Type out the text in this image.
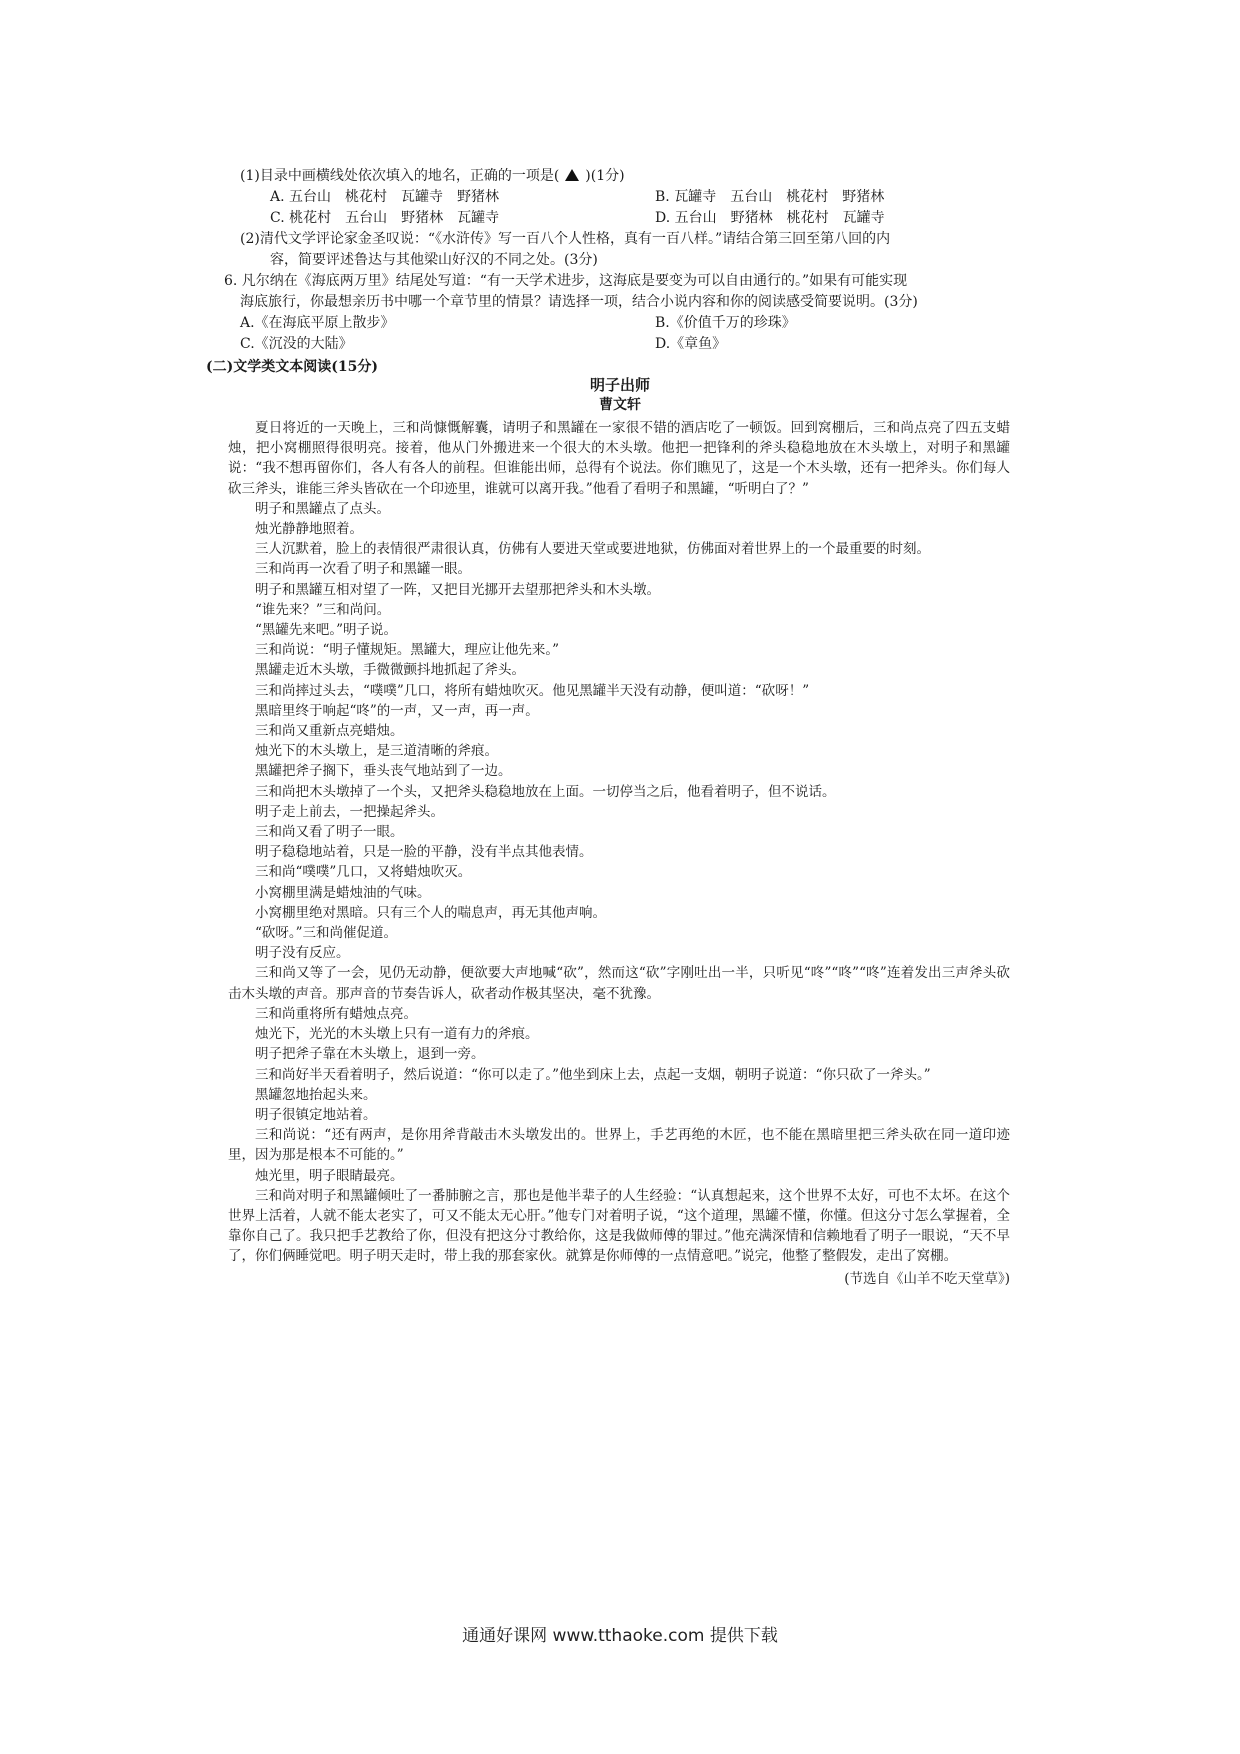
(1)目录中画横线处依次填入的地名，正确的一项是( )(1分)
A. 五台山　桃花村　瓦罐寺　野猪林	B. 瓦罐寺　五台山　桃花村　野猪林
C. 桃花村　五台山　野猪林　瓦罐寺	D. 五台山　野猪林　桃花村　瓦罐寺
(2)清代文学评论家金圣叹说：“《水浒传》写一百八个人性格，真有一百八样。”请结合第三回至第八回的内
容，简要评述鲁达与其他梁山好汉的不同之处。(3分)
6. 凡尔纳在《海底两万里》结尾处写道：“有一天学术进步，这海底是要变为可以自由通行的。”如果有可能实现
海底旅行，你最想亲历书中哪一个章节里的情景？请选择一项，结合小说内容和你的阅读感受简要说明。(3分)
A.《在海底平原上散步》	B.《价值千万的珍珠》
C.《沉没的大陆》	D.《章鱼》
(二)文学类文本阅读(15分)
明子出师
曹文轩

夏日将近的一天晚上，三和尚慷慨解囊，请明子和黑罐在一家很不错的酒店吃了一顿饭。回到窝棚后，三和尚点亮了四五支蜡烛，把小窝棚照得很明亮。接着，他从门外搬进来一个很大的木头墩。他把一把锋利的斧头稳稳地放在木头墩上，对明子和黑罐说：“我不想再留你们，各人有各人的前程。但谁能出师，总得有个说法。你们瞧见了，这是一个木头墩，还有一把斧头。你们每人砍三斧头，谁能三斧头皆砍在一个印迹里，谁就可以离开我。”他看了看明子和黑罐，“听明白了？”

明子和黑罐点了点头。

烛光静静地照着。

三人沉默着，脸上的表情很严肃很认真，仿佛有人要进天堂或要进地狱，仿佛面对着世界上的一个最重要的时刻。

三和尚再一次看了明子和黑罐一眼。

明子和黑罐互相对望了一阵，又把目光挪开去望那把斧头和木头墩。

“谁先来？”三和尚问。

“黑罐先来吧。”明子说。

三和尚说：“明子懂规矩。黑罐大，理应让他先来。”

黑罐走近木头墩，手微微颤抖地抓起了斧头。

三和尚摔过头去，“噗噗”几口，将所有蜡烛吹灭。他见黑罐半天没有动静，便叫道：“砍呀！”

黑暗里终于响起“咚”的一声，又一声，再一声。

三和尚又重新点亮蜡烛。

烛光下的木头墩上，是三道清晰的斧痕。

黑罐把斧子搁下，垂头丧气地站到了一边。

三和尚把木头墩掉了一个头，又把斧头稳稳地放在上面。一切停当之后，他看着明子，但不说话。

明子走上前去，一把操起斧头。

三和尚又看了明子一眼。

明子稳稳地站着，只是一脸的平静，没有半点其他表情。

三和尚“噗噗”几口，又将蜡烛吹灭。

小窝棚里满是蜡烛油的气味。

小窝棚里绝对黑暗。只有三个人的喘息声，再无其他声响。

“砍呀。”三和尚催促道。

明子没有反应。

三和尚又等了一会，见仍无动静，便欲要大声地喊“砍”，然而这“砍”字刚吐出一半，只听见“咚”“咚”“咚”连着发出三声斧头砍击木头墩的声音。那声音的节奏告诉人，砍者动作极其坚决，毫不犹豫。

三和尚重将所有蜡烛点亮。

烛光下，光光的木头墩上只有一道有力的斧痕。

明子把斧子靠在木头墩上，退到一旁。

三和尚好半天看着明子，然后说道：“你可以走了。”他坐到床上去，点起一支烟，朝明子说道：“你只砍了一斧头。”

黑罐忽地抬起头来。

明子很镇定地站着。

三和尚说：“还有两声，是你用斧背敲击木头墩发出的。世界上，手艺再绝的木匠，也不能在黑暗里把三斧头砍在同一道印迹里，因为那是根本不可能的。”

烛光里，明子眼睛最亮。

三和尚对明子和黑罐倾吐了一番肺腑之言，那也是他半辈子的人生经验：“认真想起来，这个世界不太好，可也不太坏。在这个世界上活着，人就不能太老实了，可又不能太无心肝。”他专门对着明子说，“这个道理，黑罐不懂，你懂。但这分寸怎么掌握着，全靠你自己了。我只把手艺教给了你，但没有把这分寸教给你，这是我做师傅的罪过。”他充满深情和信赖地看了明子一眼说，“天不早了，你们俩睡觉吧。明子明天走时，带上我的那套家伙。就算是你师傅的一点情意吧。”说完，他整了整假发，走出了窝棚。

(节选自《山羊不吃天堂草》)
通通好课网 www.tthaoke.com 提供下载
